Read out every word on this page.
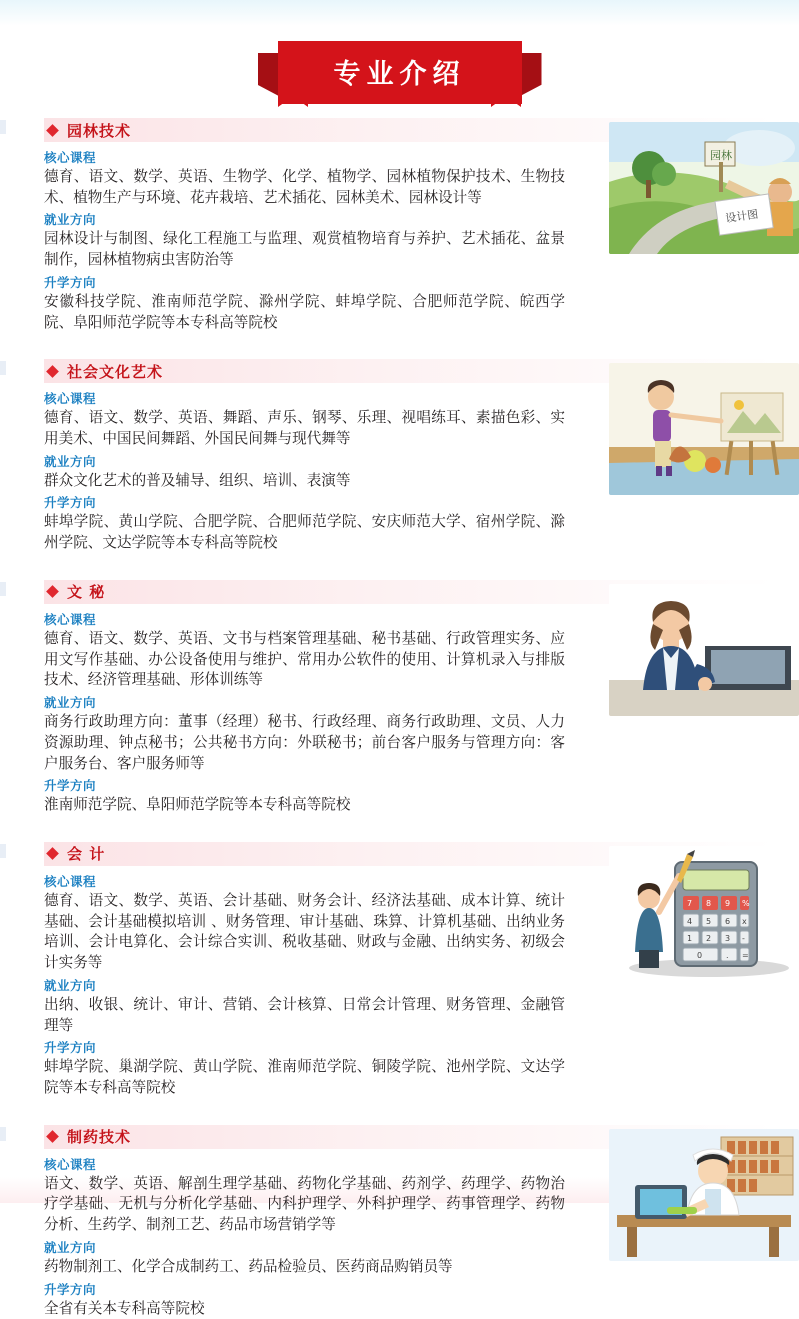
专业介绍
园林技术
核心课程
德育、语文、数学、英语、生物学、化学、植物学、园林植物保护技术、生物技术、植物生产与环境、花卉栽培、艺术插花、园林美术、园林设计等
就业方向
园林设计与制图、绿化工程施工与监理、观赏植物培育与养护、艺术插花、盆景制作，园林植物病虫害防治等
升学方向
安徽科技学院、淮南师范学院、滁州学院、蚌埠学院、合肥师范学院、皖西学院、阜阳师范学院等本专科高等院校
园林
设计图
社会文化艺术
核心课程
德育、语文、数学、英语、舞蹈、声乐、钢琴、乐理、视唱练耳、素描色彩、实用美术、中国民间舞蹈、外国民间舞与现代舞等
就业方向
群众文化艺术的普及辅导、组织、培训、表演等
升学方向
蚌埠学院、黄山学院、合肥学院、合肥师范学院、安庆师范大学、宿州学院、滁州学院、文达学院等本专科高等院校
文 秘
核心课程
德育、语文、数学、英语、文书与档案管理基础、秘书基础、行政管理实务、应用文写作基础、办公设备使用与维护、常用办公软件的使用、计算机录入与排版技术、经济管理基础、形体训练等
就业方向
商务行政助理方向：董事（经理）秘书、行政经理、商务行政助理、文员、人力资源助理、钟点秘书；公共秘书方向：外联秘书；前台客户服务与管理方向：客户服务台、客户服务师等
升学方向
淮南师范学院、阜阳师范学院等本专科高等院校
会 计
核心课程
德育、语文、数学、英语、会计基础、财务会计、经济法基础、成本计算、统计基础、会计基础模拟培训 、财务管理、审计基础、珠算、计算机基础、出纳业务培训、会计电算化、会计综合实训、税收基础、财政与金融、出纳实务、初级会计实务等
就业方向
出纳、收银、统计、审计、营销、会计核算、日常会计管理、财务管理、金融管理等
升学方向
蚌埠学院、巢湖学院、黄山学院、淮南师范学院、铜陵学院、池州学院、文达学院等本专科高等院校
7 8 9 %
4 5 6 x
1 2 3 -
0	. =
制药技术
核心课程
语文、数学、英语、解剖生理学基础、药物化学基础、药剂学、药理学、药物治疗学基础、无机与分析化学基础、内科护理学、外科护理学、药事管理学、药物分析、生药学、制剂工艺、药品市场营销学等
就业方向
药物制剂工、化学合成制药工、药品检验员、医药商品购销员等
升学方向
全省有关本专科高等院校
